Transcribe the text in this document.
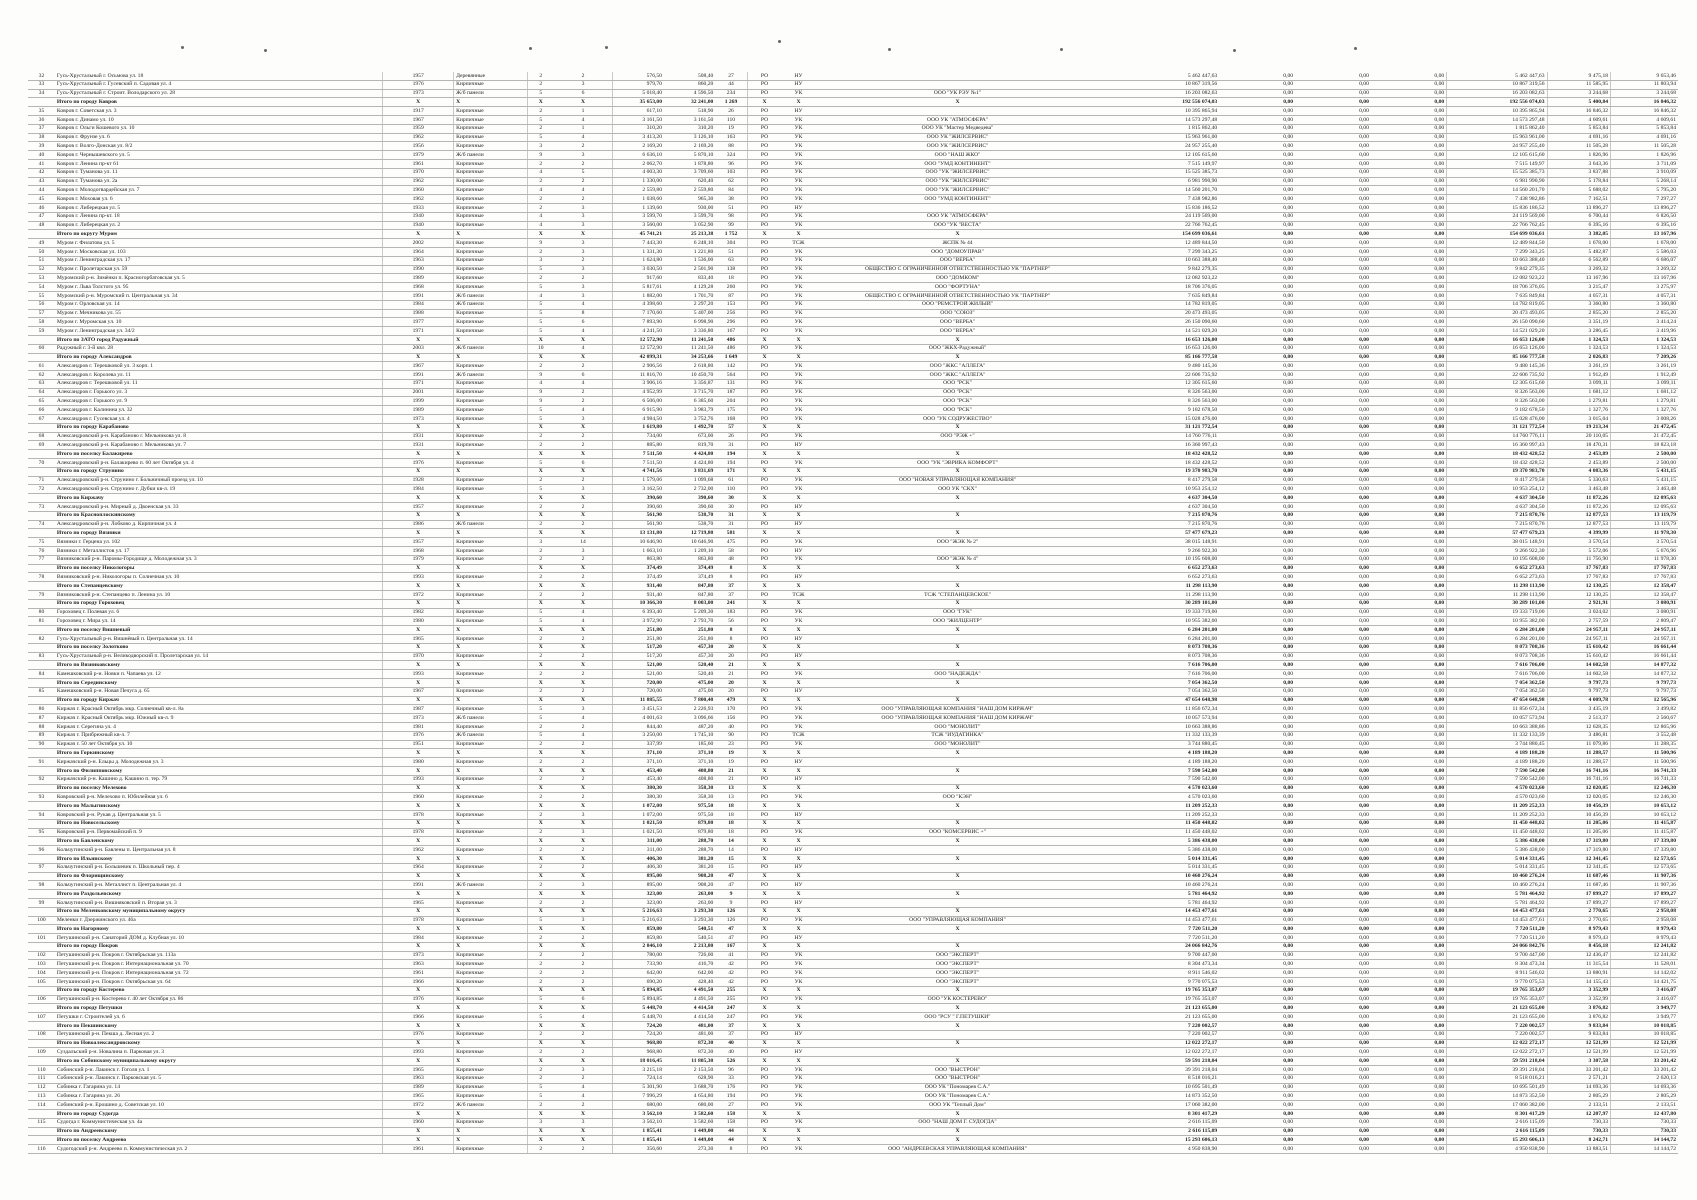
32	Гусь-Хрустальный г. Осьмова ул. 18	1957	Деревянные	2	2	576,50	508,40	27	РО	НУ		5 462 447,63	0,00	0,00	0,00	5 462 447,63	9 475,18	9 653,46
33	Гусь-Хрустальный г. Гусевский п. Садовая ул. 4	1976	Кирпичные	2	3	979,70	860,20	44	РО	НУ		10 867 319,56	0,00	0,00	0,00	10 867 319,56	11 585,95	11 803,94
34	Гусь-Хрустальный г. Строит. Володарского ул. 28	1973	Ж/б панели	5	6	5 018,40	4 596,50	234	РО	УК	ООО "УК РЭУ №1"	16 203 082,63	0,00	0,00	0,00	16 203 082,63	3 244,68	3 244,68
	Итого по городу Ковров	X	X	X	X	35 653,00	32 241,00	1 269	X	X	X	192 556 074,03	0,00	0,00	0,00	192 556 074,03	5 400,84	16 846,32
35	Ковров г. Советская ул. 3	1917	Кирпичные	2	1	617,10	518,90	26	РО	НУ		10 395 865,94	0,00	0,00	0,00	10 395 865,94	16 846,32	16 846,32
36	Ковров г. Динамо ул. 10	1967	Кирпичные	5	4	3 161,50	3 161,50	110	РО	УК	ООО УК "АТМОСФЕРА"	14 573 297,48	0,00	0,00	0,00	14 573 297,48	4 609,61	4 609,61
37	Ковров г. Ольги Кошевого ул. 10	1959	Кирпичные	2	1	310,20	310,20	19	РО	УК	ООО УК "Мастер Медведева"	1 815 862,40	0,00	0,00	0,00	1 815 862,40	5 853,84	5 853,84
38	Ковров г. Фрунзе ул. 6	1962	Кирпичные	5	4	3 413,20	3 126,10	163	РО	УК	ООО УК "ЖИЛСЕРВИС"	15 963 961,00	0,00	0,00	0,00	15 963 961,00	4 691,16	4 691,16
39	Ковров г. Волго-Донская ул. 8/2	1956	Кирпичные	3	2	2 169,20	2 169,20	88	РО	УК	ООО УК "ЖИЛСЕРВИС"	24 957 255,40	0,00	0,00	0,00	24 957 255,40	11 505,28	11 505,28
40	Ковров г. Чернышевского ул. 5	1979	Ж/б панели	9	3	6 636,10	5 870,10	324	РО	УК	ООО "НАШ ЖКО"	12 105 615,60	0,00	0,00	0,00	12 105 615,60	1 826,96	1 826,96
41	Ковров г. Ленина пр-кт 61	1961	Кирпичные	2	2	2 062,70	1 878,80	96	РО	УК	ООО "УМД КОНТИНЕНТ"	7 515 149,97	0,00	0,00	0,00	7 515 149,97	3 643,36	3 711,09
42	Ковров г. Туманова ул. 11	1970	Кирпичные	4	5	4 003,30	3 709,60	103	РО	УК	ООО "УК "ЖИЛСЕРВИС"	15 525 385,73	0,00	0,00	0,00	15 525 385,73	3 837,88	3 910,09
43	Ковров г. Туманова ул. 2а	1962	Кирпичные	2	2	1 330,00	620,40	62	РО	УК	ООО "УК "ЖИЛСЕРВИС"	6 981 990,90	0,00	0,00	0,00	6 981 990,90	5 178,84	5 268,14
44	Ковров г. Молодогвардейская ул. 7	1960	Кирпичные	4	4	2 559,80	2 559,80	84	РО	УК	ООО "УК "ЖИЛСЕРВИС"	14 560 201,70	0,00	0,00	0,00	14 560 201,70	5 688,02	5 795,20
45	Ковров г. Моховая ул. 6	1962	Кирпичные	2	2	1 038,60	965,30	38	РО	УК	ООО "УМД КОНТИНЕНТ"	7 438 982,86	0,00	0,00	0,00	7 438 982,86	7 162,51	7 297,27
46	Ковров г. Либерецкая ул. 5	1933	Кирпичные	2	3	1 139,60	930,00	51	РО	НУ		15 836 186,52	0,00	0,00	0,00	15 836 186,52	13 896,27	13 896,27
47	Ковров г. Ленина пр-кт. 18	1940	Кирпичные	4	3	3 599,70	3 599,70	98	РО	УК	ООО УК "АТМОСФЕРА"	24 119 569,00	0,00	0,00	0,00	24 119 569,00	6 700,44	6 826,50
48	Ковров г. Либерецкая ул. 2	1940	Кирпичные	4	3	3 560,00	3 052,90	99	РО	УК	ООО "УК "ВЕСТА"	22 766 762,45	0,00	0,00	0,00	22 766 762,45	6 395,16	6 395,16
	Итого по округу Муром	X	X	X	X	45 741,21	25 213,38	1 752	X	X	X	154 699 036,61	0,00	0,00	0,00	154 699 036,61	3 382,05	13 167,96
49	Муром г. Филатова ул. 5	2002	Кирпичные	9	3	7 443,30	6 248,10	304	РО	ТСЖ	ЖСПК № 44	12 489 844,50	0,00	0,00	0,00	12 489 844,50	1 678,00	1 678,00
50	Муром г. Московская ул. 103	1964	Кирпичные	2	3	1 331,30	1 221,80	51	РО	УК	ООО "ДОМОУПРАВ"	7 299 343,25	0,00	0,00	0,00	7 299 343,25	5 482,87	5 586,03
51	Муром г. Ленинградская ул. 17	1963	Кирпичные	3	2	1 624,80	1 536,00	63	РО	УК	ООО "ВЕРБА"	10 663 388,40	0,00	0,00	0,00	10 663 388,40	6 562,89	6 686,07
52	Муром г. Пролетарская ул. 59	1990	Кирпичные	5	3	3 030,50	2 501,90	138	РО	УК	ОБЩЕСТВО С ОГРАНИЧЕННОЙ ОТВЕТСТВЕННОСТЬЮ УК "ПАРТНЕР"	9 842 279,35	0,00	0,00	0,00	9 842 279,35	3 269,32	3 269,32
53	Муромский р-н. Зимёнки п. Красногорбатовская ул. 5	1989	Кирпичные	2	2	917,60	833,40	18	РО	УК	ООО "ДОМКОМ"	12 082 923,22	0,00	0,00	0,00	12 082 923,22	13 167,96	13 167,96
54	Муром г. Льва Толстого ул. 95	1968	Кирпичные	5	3	5 817,61	4 129,28	260	РО	УК	ООО "ФОРТУНА"	18 706 376,05	0,00	0,00	0,00	18 706 376,05	3 215,47	3 275,97
55	Муромский р-н. Муромский п. Центральная ул. 34	1991	Ж/б панели	4	3	1 882,00	1 701,70	87	РО	УК	ОБЩЕСТВО С ОГРАНИЧЕННОЙ ОТВЕТСТВЕННОСТЬЮ УК "ПАРТНЕР"	7 635 849,84	0,00	0,00	0,00	7 635 849,84	4 057,31	4 057,31
56	Муром г. Орловская ул. 14	1984	Ж/б панели	5	4	4 398,60	2 297,20	153	РО	УК	ООО "РЕМСТРОЙ ЖИЛЫЙ"	14 782 819,05	0,00	0,00	0,00	14 782 819,05	3 360,80	3 360,80
57	Муром г. Мечникова ул. 55	1988	Кирпичные	5	8	7 170,60	5 407,00	256	РО	УК	ООО "СОЮЗ"	20 473 493,05	0,00	0,00	0,00	20 473 493,05	2 855,20	2 855,20
58	Муром г. Муромская ул. 10	1977	Кирпичные	5	6	7 893,90	6 998,90	296	РО	УК	ООО "ВЕРБА"	26 150 090,60	0,00	0,00	0,00	26 150 090,60	3 351,19	3 414,24
59	Муром г. Ленинградская ул. 34/2	1971	Кирпичные	5	4	4 241,50	3 336,80	167	РО	УК	ООО "ВЕРБА"	14 521 029,20	0,00	0,00	0,00	14 521 029,20	3 286,45	3 419,96
	Итого по ЗАТО город Радужный	X	X	X	X	12 572,90	11 241,50	486	X	X	X	16 653 126,00	0,00	0,00	0,00	16 653 126,00	1 324,53	1 324,53
60	Радужный г. 3-й квл. 28	2003	Ж/б панели	10	4	12 572,90	11 241,50	486	РО	УК	ООО "ЖКХ-Радужный"	16 653 126,00	0,00	0,00	0,00	16 653 126,00	1 324,53	1 324,53
	Итого по городу Александров	X	X	X	X	42 099,31	34 253,66	1 649	X	X	X	85 166 777,58	0,00	0,00	0,00	85 166 777,58	2 026,83	7 209,26
61	Александров г. Терешковой ул. 3 корп. 1	1967	Кирпичные	2	2	2 906,56	2 618,80	142	РО	УК	ООО "ЖКС "АЛЛЕГА"	9 480 145,36	0,00	0,00	0,00	9 480 145,36	3 261,19	3 261,19
62	Александров г. Королева ул. 11	1991	Ж/б панели	9	6	11 816,70	10 450,70	564	РО	УК	ООО "ЖКС "АЛЛЕГА"	22 606 735,92	0,00	0,00	0,00	22 606 735,92	1 912,49	1 912,49
63	Александров г. Терешковой ул. 11	1971	Кирпичные	4	4	3 906,16	3 356,87	131	РО	УК	ООО "РСК"	12 305 615,60	0,00	0,00	0,00	12 305 615,60	3 099,11	3 099,11
64	Александров г. Горького ул. 3	2001	Кирпичные	9	2	4 952,99	3 715,70	187	РО	УК	ООО "РСК"	8 326 563,00	0,00	0,00	0,00	8 326 563,00	1 681,12	1 681,12
65	Александров г. Горького ул. 9	1999	Кирпичные	9	2	6 506,00	6 385,60	204	РО	УК	ООО "РСК"	8 326 563,00	0,00	0,00	0,00	8 326 563,00	1 279,81	1 279,81
66	Александров г. Калинина ул. 32	1989	Кирпичные	5	4	6 915,90	3 983,79	175	РО	УК	ООО "РСК"	9 182 678,50	0,00	0,00	0,00	9 182 678,50	1 327,76	1 327,76
67	Александров г. Гусевская ул. 4	1973	Кирпичные	5	3	4 984,50	3 752,76	168	РО	УК	ООО "УК СОДРУЖЕСТВО"	15 028 476,00	0,00	0,00	0,00	15 028 476,00	3 015,04	3 008,26
	Итого по городу Карабаново	X	X	X	X	1 619,80	1 492,70	57	X	X	X	31 121 772,54	0,00	0,00	0,00	31 121 772,54	19 213,34	21 472,45
68	Александровский р-н. Карабаново г. Мельникова ул. 8	1931	Кирпичные	2	2	734,00	673,00	26	РО	УК	ООО "РЭЖ +"	14 760 776,11	0,00	0,00	0,00	14 760 776,11	20 110,05	21 472,45
69	Александровский р-н. Карабаново г. Мельникова ул. 7	1931	Кирпичные	2	2	885,80	819,70	31	РО	НУ		16 360 997,43	0,00	0,00	0,00	16 360 997,43	18 470,31	18 823,18
	Итого по поселку Балакирево	X	X	X	X	7 511,50	4 424,80	194	X	X	X	18 432 428,52	0,00	0,00	0,00	18 432 428,52	2 453,89	2 500,00
70	Александровский р-н. Балакирево п. 60 лет Октября ул. 4	1976	Кирпичные	5	6	7 511,50	4 424,80	194	РО	УК	ООО "УК "ЭВРИКА КОМФОРТ"	18 432 428,52	0,00	0,00	0,00	18 432 428,52	2 453,89	2 500,00
	Итого по городу Струнино	X	X	X	X	4 741,56	3 831,69	171	X	X	X	19 370 983,70	0,00	0,00	0,00	19 370 983,70	4 083,36	5 431,15
71	Александровский р-н. Струнино г. Больничный проезд ул. 10	1928	Кирпичные	2	2	1 579,06	1 099,68	61	РО	УК	ООО "НОВАЯ УПРАВЛЯЮЩАЯ КОМПАНИЯ"	8 417 279,58	0,00	0,00	0,00	8 417 279,58	5 330,63	5 431,15
72	Александровский р-н. Струнино г. Дубки кв-л. 19	1984	Кирпичные	5	3	3 162,50	2 732,00	110	РО	УК	ООО УК "СКХ"	10 953 254,12	0,00	0,00	0,00	10 953 254,12	3 463,48	3 463,48
	Итого по Киржачу	X	X	X	X	390,60	390,60	30	X	X	X	4 637 304,50	0,00	0,00	0,00	4 637 304,50	11 872,26	12 095,63
73	Александровский р-н. Мирный д. Двоенская ул. 33	1957	Кирпичные	2	2	390,60	390,60	30	РО	НУ		4 637 304,50	0,00	0,00	0,00	4 637 304,50	11 872,26	12 095,63
	Итого по Красноплоскинскому	X	X	X	X	561,90	538,70	31	X	X	X	7 215 870,76	0,00	0,00	0,00	7 215 870,76	12 877,53	13 119,79
74	Александровский р-н. Лобково д. Кирпичная ул. 4	1986	Ж/б панели	2	2	561,90	538,70	31	РО	НУ		7 215 870,76	0,00	0,00	0,00	7 215 870,76	12 877,53	13 119,79
	Итого по городу Вязники	X	X	X	X	13 131,80	12 719,80	581	X	X	X	57 477 679,23	0,00	0,00	0,00	57 477 679,23	4 399,99	11 978,30
75	Вязники г. Герцена ул. 102	1957	Кирпичные	3	14	10 646,90	10 646,90	475	РО	УК	ООО "ЖЭК № 2"	38 015 148,91	0,00	0,00	0,00	38 015 148,91	3 570,54	3 570,54
76	Вязники г. Металлистов ул. 17	1968	Кирпичные	2	3	1 663,10	1 209,10	58	РО	НУ		9 266 922,30	0,00	0,00	0,00	9 266 922,30	5 572,06	5 676,96
77	Вязниковский р-н. Паромы-Городище д. Молодежная ул. 3	1979	Кирпичные	2	2	863,80	863,80	48	РО	УК	ООО "ЖЭК № 4"	10 195 608,00	0,00	0,00	0,00	10 195 608,00	11 756,90	11 978,30
	Итого по поселку Никологоры	X	X	X	X	374,49	374,49	8	X	X	X	6 652 273,63	0,00	0,00	0,00	6 652 273,63	17 767,83	17 767,83
78	Вязниковский р-н. Никологоры п. Солнечная ул. 10	1993	Кирпичные	2	2	374,49	374,49	8	РО	НУ		6 652 273,63	0,00	0,00	0,00	6 652 273,63	17 767,83	17 767,83
	Итого по Степанцевскому	X	X	X	X	931,40	847,80	37	X	X	X	11 298 113,90	0,00	0,00	0,00	11 298 113,90	12 130,25	12 358,47
79	Вязниковский р-н. Степанцево п. Ленина ул. 10	1972	Кирпичные	2	2	931,40	847,80	37	РО	ТСЖ	ТСЖ "СТЕПАНЦЕВСКОЕ"	11 298 113,90	0,00	0,00	0,00	11 298 113,90	12 130,25	12 358,47
	Итого по городу Гороховец	X	X	X	X	10 366,30	8 003,00	241	X	X	X	30 289 101,00	0,00	0,00	0,00	30 289 101,00	2 921,91	3 080,91
80	Гороховец г. Полевая ул. 6	1982	Кирпичные	5	4	6 393,40	5 209,30	183	РО	УК	ООО "ГУК"	19 333 719,00	0,00	0,00	0,00	19 333 719,00	3 024,02	3 080,91
81	Гороховец г. Мира ул. 14	1980	Кирпичные	5	4	3 972,90	2 793,70	56	РО	УК	ООО "ЖИЛЦЕНТР"	10 955 382,00	0,00	0,00	0,00	10 955 382,00	2 757,59	2 809,47
	Итого по поселку Вишневый	X	X	X	X	251,80	251,80	8	X	X	X	6 284 201,00	0,00	0,00	0,00	6 284 201,00	24 957,11	24 957,11
82	Гусь-Хрустальный р-н. Вишнёвый п. Центральная ул. 14	1965	Кирпичные	2	2	251,80	251,80	8	РО	НУ		6 284 201,00	0,00	0,00	0,00	6 284 201,00	24 957,11	24 957,11
	Итого по поселку Золотково	X	X	X	X	517,20	457,30	20	X	X	X	8 073 708,36	0,00	0,00	0,00	8 073 708,36	15 610,42	16 661,44
83	Гусь-Хрустальный р-н. Великодворский п. Пролетарская ул. 14	1970	Кирпичные	2	2	517,20	457,30	20	РО	НУ		8 073 708,36	0,00	0,00	0,00	8 073 708,36	15 610,42	16 661,44
	Итого по Вязниковскому	X	X	X	X	521,00	520,40	21	X	X	X	7 616 706,00	0,00	0,00	0,00	7 616 706,00	14 602,58	14 877,32
84	Камешковский р-н. Новки п. Чапаева ул. 12	1993	Кирпичные	2	2	521,00	520,40	21	РО	УК	ООО "НАДЕЖДА"	7 616 706,00	0,00	0,00	0,00	7 616 706,00	14 602,58	14 877,32
	Итого по Серединскому	X	X	X	X	720,00	475,00	20	X	X	X	7 054 362,50	0,00	0,00	0,00	7 054 362,50	9 797,73	9 797,73
85	Камешковский р-н. Новая Печуга д. 65	1967	Кирпичные	2	2	720,00	475,00	20	РО	НУ		7 054 362,50	0,00	0,00	0,00	7 054 362,50	9 797,73	9 797,73
	Итого по городу Киржач	X	X	X	X	11 885,55	7 800,40	479	X	X	X	47 654 648,98	0,00	0,00	0,00	47 654 648,98	4 009,78	12 565,96
86	Киржач г. Красный Октябрь мкр. Солнечный кв-л. 8а	1987	Кирпичные	5	3	3 451,53	2 226,93	170	РО	УК	ООО "УПРАВЛЯЮЩАЯ КОМПАНИЯ "НАШ ДОМ КИРЖАЧ"	11 856 672,34	0,00	0,00	0,00	11 856 672,34	3 435,19	3 499,82
87	Киржач г. Красный Октябрь мкр. Южный кв-л. 9	1973	Ж/б панели	5	4	4 001,63	3 096,66	156	РО	УК	ООО "УПРАВЛЯЮЩАЯ КОМПАНИЯ "НАШ ДОМ КИРЖАЧ"	10 057 573,94	0,00	0,00	0,00	10 057 573,94	2 513,37	2 560,67
88	Киржач г. Серегина ул. 4	1981	Кирпичные	2	2	844,40	487,20	40	РО	УК	ООО "МОНОЛИТ"	10 663 388,86	0,00	0,00	0,00	10 663 388,86	12 628,35	12 865,96
89	Киржач г. Прибрежный кв-л. 7	1976	Ж/б панели	5	4	3 250,00	1 745,10	90	РО	ТСЖ	ТСЖ "ИУДАТИНКА"	11 332 133,39	0,00	0,00	0,00	11 332 133,39	3 486,81	3 552,48
90	Киржач г. 50 лет Октября ул. 10	1951	Кирпичные	2	2	337,99	185,60	23	РО	УК	ООО "МОНОЛИТ"	3 744 880,45	0,00	0,00	0,00	3 744 880,45	11 079,86	11 288,35
	Итого по Горкинскому	X	X	X	X	371,10	371,10	19	X	X	X	4 189 188,20	0,00	0,00	0,00	4 189 188,20	11 288,57	11 500,96
91	Киржачский р-н. Ельцы д. Молодежная ул. 3	1980	Кирпичные	2	2	371,10	371,10	19	РО	НУ		4 189 188,20	0,00	0,00	0,00	4 189 188,20	11 288,57	11 500,96
	Итого по Филипповскому	X	X	X	X	453,40	408,80	21	X	X	X	7 590 542,00	0,00	0,00	0,00	7 590 542,00	16 741,16	16 741,33
92	Киржачский р-н. Кашино д. Кашино п. тер. 79	1993	Кирпичные	2	2	453,40	408,80	21	РО	НУ		7 590 542,00	0,00	0,00	0,00	7 590 542,00	16 741,16	16 741,33
	Итого по поселку Мелехово	X	X	X	X	380,30	358,30	13	X	X	X	4 570 023,60	0,00	0,00	0,00	4 570 023,60	12 020,05	12 246,30
93	Ковровский р-н. Мелехово п. Юбилейная ул. 6	1960	Кирпичные	2	2	380,30	358,30	13	РО	УК	ООО "КЭН"	4 570 023,60	0,00	0,00	0,00	4 570 023,60	12 020,05	12 246,30
	Итого по Малыгинскому	X	X	X	X	1 072,00	975,50	18	X	X	X	11 209 252,33	0,00	0,00	0,00	11 209 252,33	10 456,39	10 653,12
94	Ковровский р-н. Рукав д. Центральная ул. 5	1978	Кирпичные	2	3	1 072,00	975,50	18	РО	НУ		11 209 252,33	0,00	0,00	0,00	11 209 252,33	10 456,39	10 653,12
	Итого по Новосельскому	X	X	X	X	1 021,50	879,80	18	X	X	X	11 450 448,02	0,00	0,00	0,00	11 450 448,02	11 205,06	11 415,87
95	Ковровский р-н. Первомайский п. 9	1978	Кирпичные	2	3	1 021,50	879,80	18	РО	УК	ООО "КОМСЕРВИС +"	11 450 448,02	0,00	0,00	0,00	11 450 448,02	11 205,06	11 415,87
	Итого по Бавленскому	X	X	X	X	311,00	288,70	14	X	X	X	5 386 438,00	0,00	0,00	0,00	5 386 438,00	17 319,80	17 339,80
96	Кольчугинский р-н. Бавлены п. Центральная ул. 8	1962	Кирпичные	2	2	311,00	288,70	14	РО	НУ		5 386 438,00	0,00	0,00	0,00	5 386 438,00	17 319,80	17 339,80
	Итого по Ильинскому	X	X	X	X	406,30	381,20	15	X	X	X	5 014 331,45	0,00	0,00	0,00	5 014 331,45	12 341,45	12 573,65
97	Кольчугинский р-н. Большевик п. Школьный пер. 4	1964	Кирпичные	2	2	406,30	381,20	15	РО	НУ		5 014 331,45	0,00	0,00	0,00	5 014 331,45	12 341,45	12 573,65
	Итого по Флорищинскому	X	X	X	X	895,00	908,20	47	X	X	X	10 460 276,24	0,00	0,00	0,00	10 460 276,24	11 687,46	11 907,36
98	Кольчугинский р-н. Металлист п. Центральная ул. 4	1991	Ж/б панели	2	3	895,00	908,20	47	РО	НУ		10 460 276,24	0,00	0,00	0,00	10 460 276,24	11 687,46	11 907,36
	Итого по Раздольевскому	X	X	X	X	323,00	263,00	9	X	X	X	5 781 464,92	0,00	0,00	0,00	5 781 464,92	17 899,27	17 899,27
99	Кольчугинский р-н. Вишняковский п. Вторая ул. 3	1965	Кирпичные	2	2	323,00	263,00	9	РО	НУ		5 781 464,92	0,00	0,00	0,00	5 781 464,92	17 899,27	17 899,27
	Итого по Меленковскому муниципальному округу	X	X	X	X	5 216,63	3 293,30	126	X	X	X	14 453 477,61	0,00	0,00	0,00	14 453 477,61	2 770,65	2 958,08
100	Меленки г. Дзержинского ул. 46а	1978	Кирпичные	5	3	5 216,63	3 293,30	126	РО	УК	ООО "УПРАВЛЯЮЩАЯ КОМПАНИЯ"	14 453 477,61	0,00	0,00	0,00	14 453 477,61	2 770,65	2 958,08
	Итого по Нагорному	X	X	X	X	859,80	540,51	47	X	X	X	7 720 511,20	0,00	0,00	0,00	7 720 511,20	8 979,43	8 979,43
101	Петушинский р-н. Санаторий ДОМ д. Клубная ул. 10	1984	Кирпичные	2	2	859,80	540,51	47	РО	НУ		7 720 511,20	0,00	0,00	0,00	7 720 511,20	8 979,43	8 979,43
	Итого по городу Покров	X	X	X	X	2 846,10	2 213,80	167	X	X	X	24 066 842,76	0,00	0,00	0,00	24 066 842,76	8 456,18	12 241,82
102	Петушинский р-н. Покров г. Октябрьская ул. 113а	1973	Кирпичные	2	2	780,00	726,00	41	РО	УК	ООО "ЭКСПЕРТ"	9 700 447,00	0,00	0,00	0,00	9 700 447,00	12 436,47	12 241,82
103	Петушинский р-н. Покров г. Интернациональная ул. 70	1963	Кирпичные	2	2	733,90	416,70	42	РО	УК	ООО "ЭКСПЕРТ"	8 304 473,34	0,00	0,00	0,00	8 304 473,34	11 315,54	11 528,01
104	Петушинский р-н. Покров г. Интернациональная ул. 72	1961	Кирпичные	2	2	642,00	642,00	42	РО	УК	ООО "ЭКСПЕРТ"	8 911 546,02	0,00	0,00	0,00	8 911 546,02	13 880,91	14 142,02
105	Петушинский р-н. Покров г. Октябрьская ул. 64	1966	Кирпичные	2	2	690,20	428,40	42	РО	УК	ООО "ЭКСПЕРТ"	9 770 075,53	0,00	0,00	0,00	9 770 075,53	14 155,43	14 421,75
	Итого по городу Костерево	X	X	X	X	5 894,85	4 491,50	255	X	X	X	19 765 353,07	0,00	0,00	0,00	19 765 353,07	3 352,99	3 416,07
106	Петушинский р-н. Костерево г. 40 лет Октября ул. 86	1976	Кирпичные	5	6	5 894,85	4 491,50	255	РО	УК	ООО "УК КОСТЕРЕВО"	19 765 353,07	0,00	0,00	0,00	19 765 353,07	3 352,99	3 416,07
	Итого по городу Петушки	X	X	X	X	5 448,70	4 414,50	247	X	X	X	21 123 655,00	0,00	0,00	0,00	21 123 655,00	3 876,82	3 949,77
107	Петушки г. Строителей ул. 6	1966	Кирпичные	5	4	5 448,70	4 414,50	247	РО	УК	ООО "РСУ " Г.ПЕТУШКИ"	21 123 655,00	0,00	0,00	0,00	21 123 655,00	3 876,82	3 949,77
	Итого по Пекшинскому	X	X	X	X	724,20	481,00	37	X	X	X	7 220 002,57	0,00	0,00	0,00	7 220 002,57	9 833,84	10 018,85
108	Петушинский р-н. Пекша д. Лесная ул. 2	1976	Кирпичные	2	2	724,20	481,00	37	РО	НУ		7 220 002,57	0,00	0,00	0,00	7 220 002,57	9 833,84	10 018,85
	Итого по Новоалександровскому	X	X	X	X	968,80	872,30	40	X	X	X	12 022 272,17	0,00	0,00	0,00	12 022 272,17	12 521,99	12 521,99
109	Суздальский р-н. Новалина п. Парковая ул. 3	1993	Кирпичные	2	2	968,80	872,30	40	РО	НУ		12 022 272,17	0,00	0,00	0,00	12 022 272,17	12 521,99	12 521,99
	Итого по Собинскому муниципальному округу	X	X	X	X	18 016,45	11 805,30	526	X	X	X	59 591 218,04	0,00	0,00	0,00	59 591 218,04	3 307,58	33 201,42
110	Собинский р-н. Лакинск г. Гоголя ул. 1	1965	Кирпичные	2	3	3 215,18	2 153,50	96	РО	УК	ООО "ВЫСТРОН"	39 391 218,04	0,00	0,00	0,00	39 391 218,04	33 201,42	33 201,42
111	Собинский р-н. Лакинск г. Парковская ул. 5	1963	Кирпичные	2	2	724,14	628,90	33	РО	УК	ООО "ВЫСТРОН"	8 518 016,21	0,00	0,00	0,00	8 518 016,21	2 571,21	2 620,13
112	Собинка г. Гагарина ул. 14	1989	Кирпичные	5	4	5 301,90	3 688,70	176	РО	УК	ООО УК "Пономарев С.А."	10 695 501,49	0,00	0,00	0,00	10 695 501,49	14 693,36	14 693,36
113	Собинка г. Гагарина ул. 26	1965	Кирпичные	5	4	7 996,29	4 654,80	194	РО	УК	ООО УК "Пономарев С.А."	14 873 352,50	0,00	0,00	0,00	14 873 352,50	2 805,29	2 805,29
114	Собинский р-н. Ерошино д. Советская ул. 10	1972	Ж/б панели	2	2	680,00	680,00	27	РО	УК	ООО УК "Теплый Дом"	17 060 382,00	0,00	0,00	0,00	17 060 382,00	2 133,51	2 133,51
	Итого по городу Судогда	X	X	X	X	3 562,10	3 582,60	158	X	X	X	8 301 417,29	0,00	0,00	0,00	8 301 417,29	12 207,97	12 437,80
115	Судогда г. Коммунистическая ул. 4а	1960	Кирпичные	3	3	3 562,10	3 582,60	158	РО	УК	ООО "НАШ ДОМ Г. СУДОГДА"	2 616 115,09	0,00	0,00	0,00	2 616 115,09	730,33	730,33
	Итого по Андреевскому	X	X	X	X	1 855,41	1 449,00	44	X	X	X	2 616 115,09	0,00	0,00	0,00	2 616 115,09	730,33	730,33
	Итого по поселку Андреево	X	X	X	X	1 855,41	1 449,00	44	X	X	X	15 293 606,13	0,00	0,00	0,00	15 293 606,13	8 242,71	14 144,72
116	Судогодский р-н. Андреево п. Коммунистическая ул. 2	1961	Кирпичные	2	2	356,60	273,30	8	РО	УК	ООО "АНДРЕЕВСКАЯ УПРАВЛЯЮЩАЯ КОМПАНИЯ"	4 950 838,90	0,00	0,00	0,00	4 950 838,90	13 883,51	14 144,72
